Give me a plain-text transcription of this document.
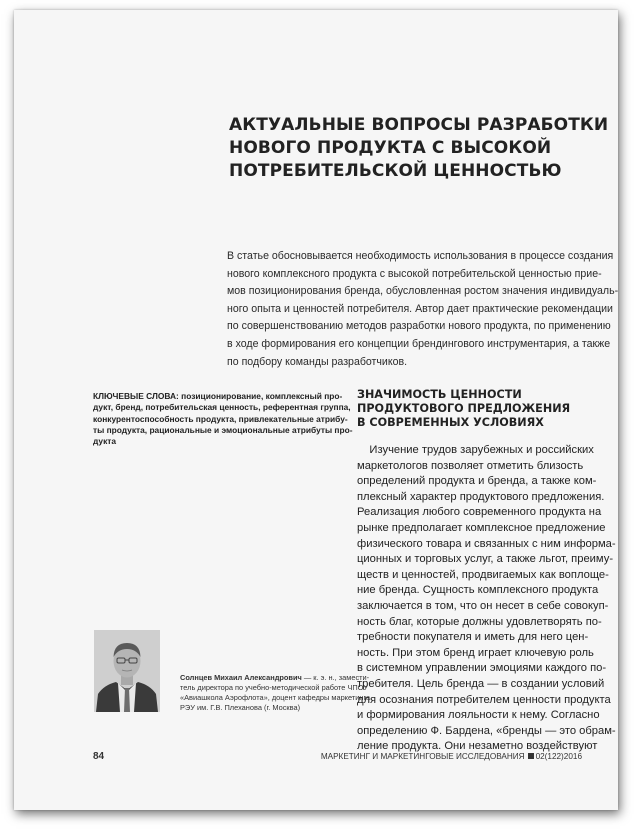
АКТУАЛЬНЫЕ ВОПРОСЫ РАЗРАБОТКИ
НОВОГО ПРОДУКТА С ВЫСОКОЙ
ПОТРЕБИТЕЛЬСКОЙ ЦЕННОСТЬЮ
В статье обосновывается необходимость использования в процессе создания
нового комплексного продукта с высокой потребительской ценностью прие-
мов позиционирования бренда, обусловленная ростом значения индивидуаль-
ного опыта и ценностей потребителя. Автор дает практические рекомендации
по совершенствованию методов разработки нового продукта, по применению
в ходе формирования его концепции брендингового инструментария, а также
по подбору команды разработчиков.
КЛЮЧЕВЫЕ СЛОВА: позиционирование, комплексный про-
дукт, бренд, потребительская ценность, референтная группа,
конкурентоспособность продукта, привлекательные атрибу-
ты продукта, рациональные и эмоциональные атрибуты про-
дукта
ЗНАЧИМОСТЬ ЦЕННОСТИ
ПРОДУКТОВОГО ПРЕДЛОЖЕНИЯ
В СОВРЕМЕННЫХ УСЛОВИЯХ
Изучение трудов зарубежных и российских
маркетологов позволяет отметить близость
определений продукта и бренда, а также ком-
плексный характер продуктового предложения.
Реализация любого современного продукта на
рынке предполагает комплексное предложение
физического товара и связанных с ним информа-
ционных и торговых услуг, а также льгот, преиму-
ществ и ценностей, продвигаемых как воплоще-
ние бренда. Сущность комплексного продукта
заключается в том, что он несет в себе совокуп-
ность благ, которые должны удовлетворять по-
требности покупателя и иметь для него цен-
ность. При этом бренд играет ключевую роль
в системном управлении эмоциями каждого по-
требителя. Цель бренда — в создании условий
для осознания потребителем ценности продукта
и формирования лояльности к нему. Согласно
определению Ф. Бардена, «бренды — это обрам-
ление продукта. Они незаметно воздействуют
Солнцев Михаил Александрович — к. э. н., замести-
тель директора по учебно-методической работе ЧПОУ
«Авиашкола Аэрофлота», доцент кафедры маркетинга
РЭУ им. Г.В. Плеханова (г. Москва)
84	МАРКЕТИНГ И МАРКЕТИНГОВЫЕ ИССЛЕДОВАНИЯ 02(122)2016
